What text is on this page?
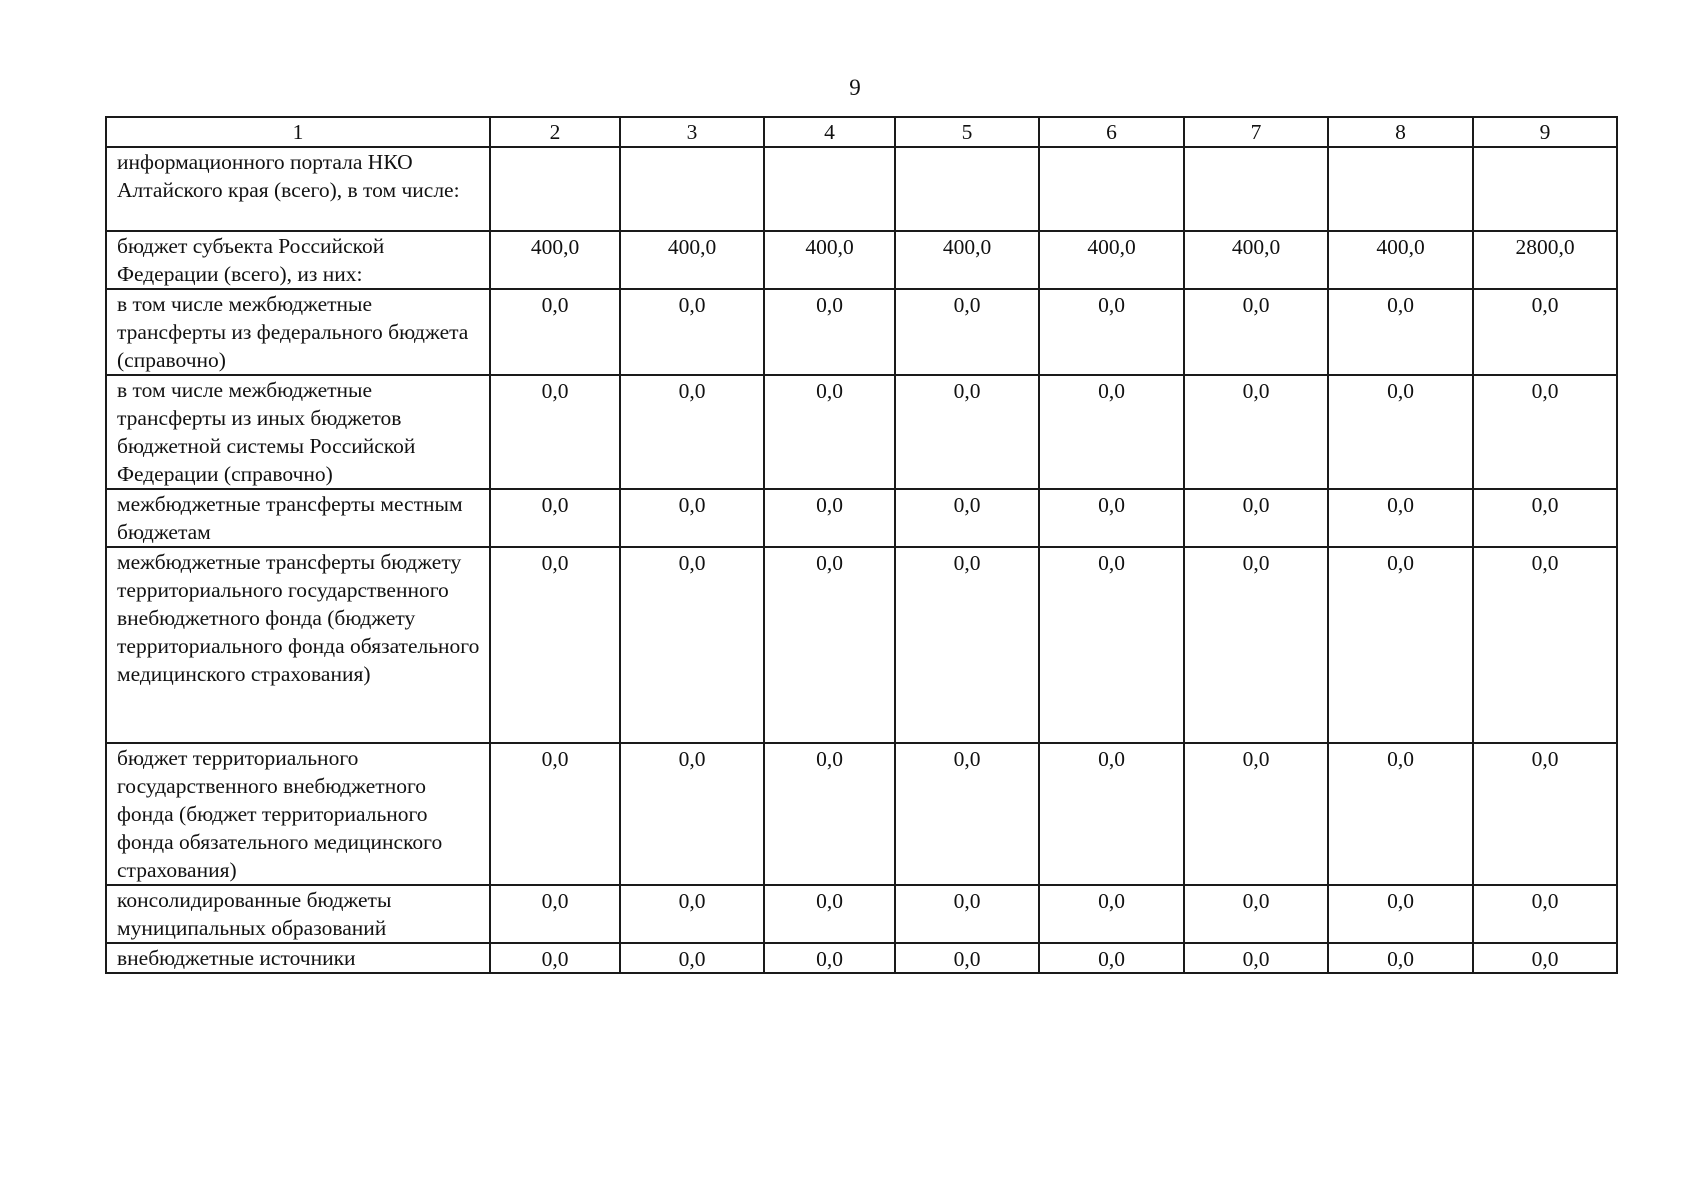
9
1	2	3	4	5	6	7	8	9
информационного портала НКО Алтайского края (всего), в том числе:								
бюджет субъекта Российской Федерации (всего), из них:	400,0	400,0	400,0	400,0	400,0	400,0	400,0	2800,0
в том числе межбюджетные трансферты из федерального бюджета (справочно)	0,0	0,0	0,0	0,0	0,0	0,0	0,0	0,0
в том числе межбюджетные трансферты из иных бюджетов бюджетной системы Российской Федерации (справочно)	0,0	0,0	0,0	0,0	0,0	0,0	0,0	0,0
межбюджетные трансферты местным бюджетам	0,0	0,0	0,0	0,0	0,0	0,0	0,0	0,0
межбюджетные трансферты бюджету территориального государственного внебюджетного фонда (бюджету территориального фонда обязательного медицинского страхования)	0,0	0,0	0,0	0,0	0,0	0,0	0,0	0,0
бюджет территориального государственного внебюджетного фонда (бюджет территориального фонда обязательного медицинского страхования)	0,0	0,0	0,0	0,0	0,0	0,0	0,0	0,0
консолидированные бюджеты муниципальных образований	0,0	0,0	0,0	0,0	0,0	0,0	0,0	0,0
внебюджетные источники	0,0	0,0	0,0	0,0	0,0	0,0	0,0	0,0
